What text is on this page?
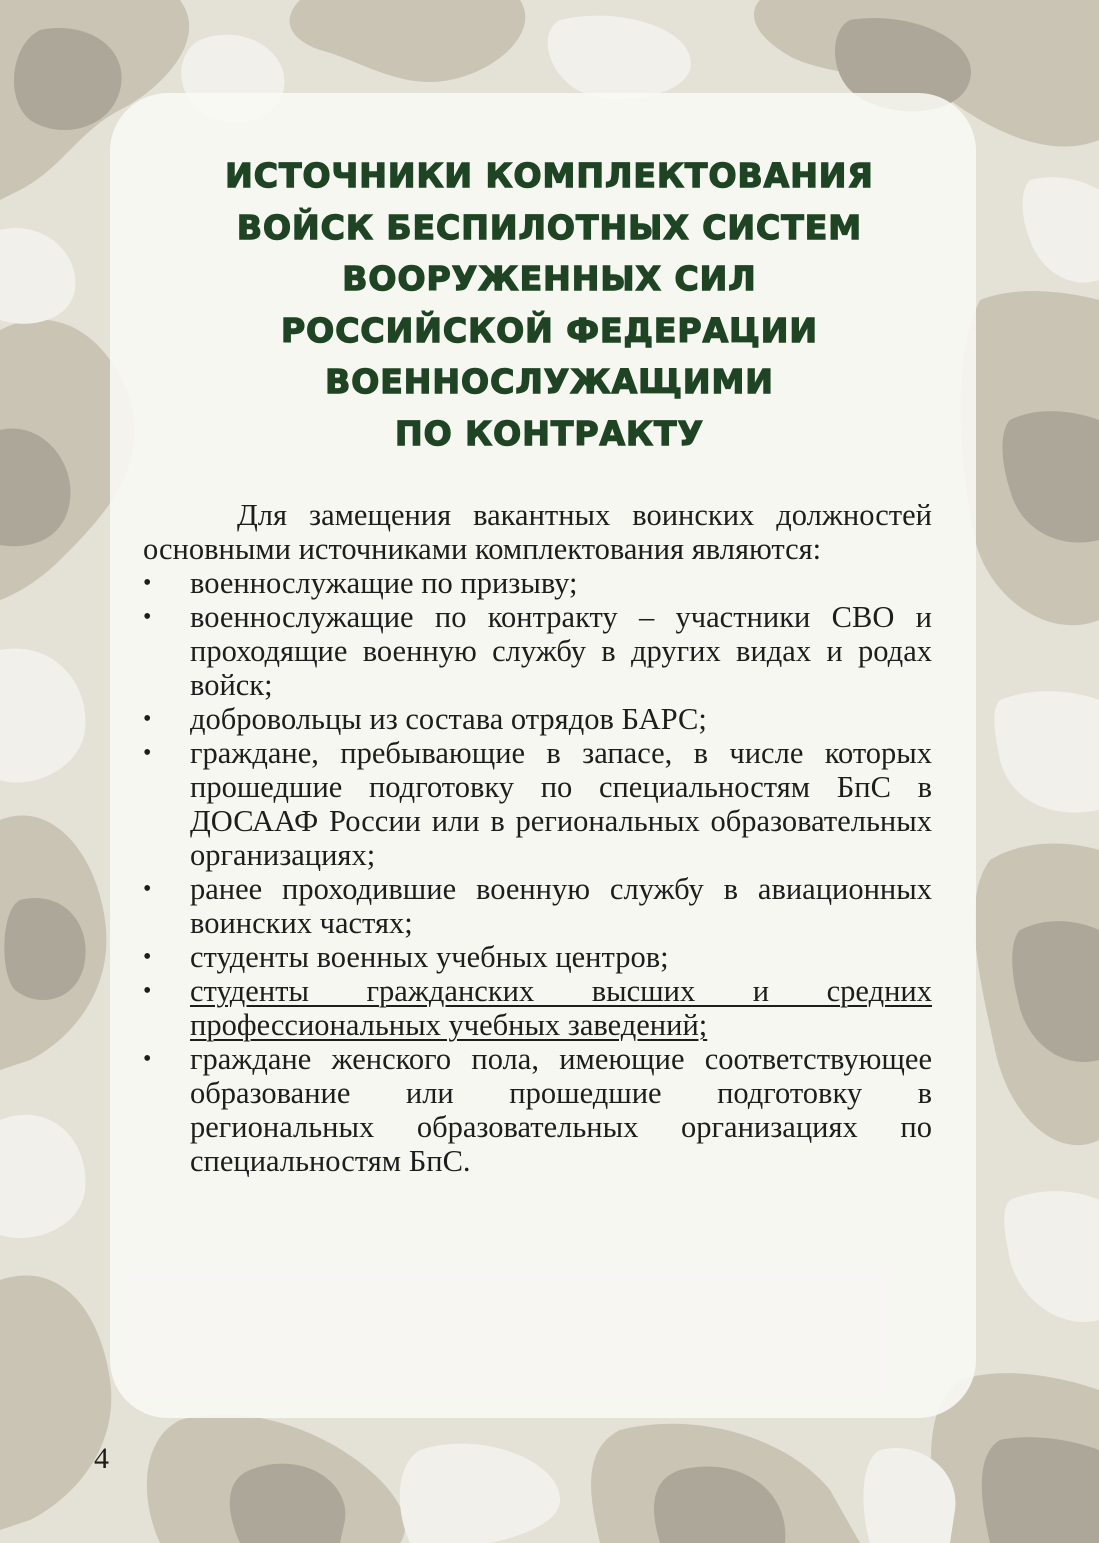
ИСТОЧНИКИ КОМПЛЕКТОВАНИЯ
ВОЙСК БЕСПИЛОТНЫХ СИСТЕМ
ВООРУЖЕННЫХ СИЛ
РОССИЙСКОЙ ФЕДЕРАЦИИ
ВОЕННОСЛУЖАЩИМИ
ПО КОНТРАКТУ

Для замещения вакантных воинских должностей основными источниками комплектования являются:

• военнослужащие по призыву;
• военнослужащие по контракту – участники СВО и проходящие военную службу в других видах и родах войск;
• добровольцы из состава отрядов БАРС;
• граждане, пребывающие в запасе, в числе которых прошедшие подготовку по специальностям БпС в ДОСААФ России или в региональных образовательных организациях;
• ранее проходившие военную службу в авиационных воинских частях;
• студенты военных учебных центров;
• студенты гражданских высших и средних профессиональных учебных заведений;
• граждане женского пола, имеющие соответствующее образование или прошедшие подготовку в региональных образовательных организациях по специальностям БпС.
4
